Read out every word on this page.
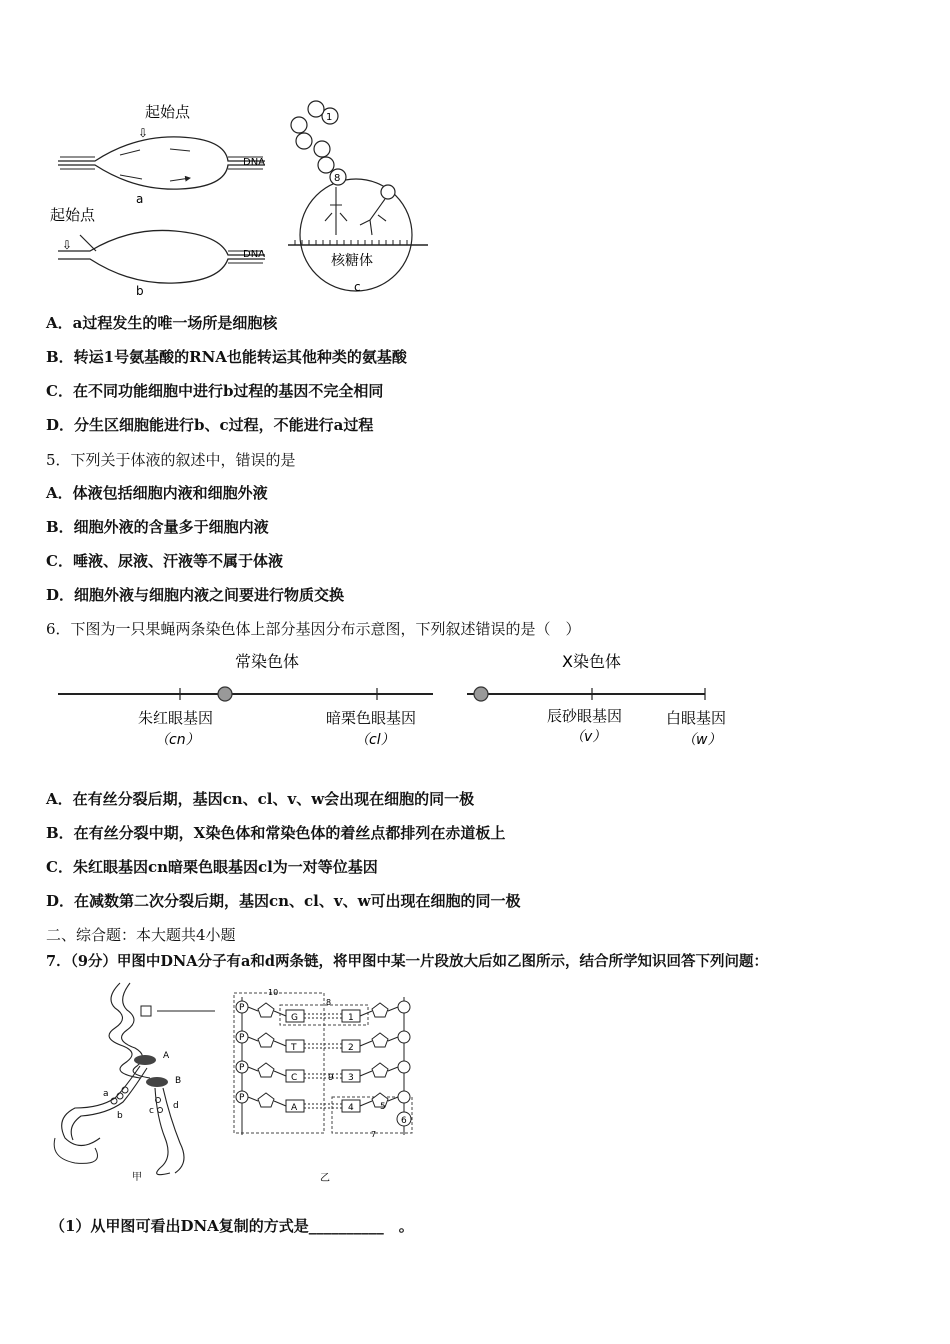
起始点
⇩
DNA
a
起始点
⇩
DNA
b
1
8
核糖体
c
A．a过程发生的唯一场所是细胞核
B．转运1号氨基酸的RNA也能转运其他种类的氨基酸
C．在不同功能细胞中进行b过程的基因不完全相同
D．分生区细胞能进行b、c过程，不能进行a过程
5．下列关于体液的叙述中，错误的是
A．体液包括细胞内液和细胞外液
B．细胞外液的含量多于细胞内液
C．唾液、尿液、汗液等不属于体液
D．细胞外液与细胞内液之间要进行物质交换
6．下图为一只果蝇两条染色体上部分基因分布示意图，下列叙述错误的是（　）
常染色体	X染色体
朱红眼基因
（cn）
暗栗色眼基因
（cl）
辰砂眼基因
（v）
白眼基因
（w）
A．在有丝分裂后期，基因cn、cl、v、w会出现在细胞的同一极
B．在有丝分裂中期，X染色体和常染色体的着丝点都排列在赤道板上
C．朱红眼基因cn暗栗色眼基因cl为一对等位基因
D．在减数第二次分裂后期，基因cn、cl、v、w可出现在细胞的同一极
二、综合题：本大题共4小题
7．（9分）甲图中DNA分子有a和d两条链，将甲图中某一片段放大后如乙图所示，结合所学知识回答下列问题：
A
B
a
b	c d
甲
10
8
7
P
P
P
P
G
T
C
A
1
2
3
4
9
5
6
乙
（1）从甲图可看出DNA复制的方式是__________　。
